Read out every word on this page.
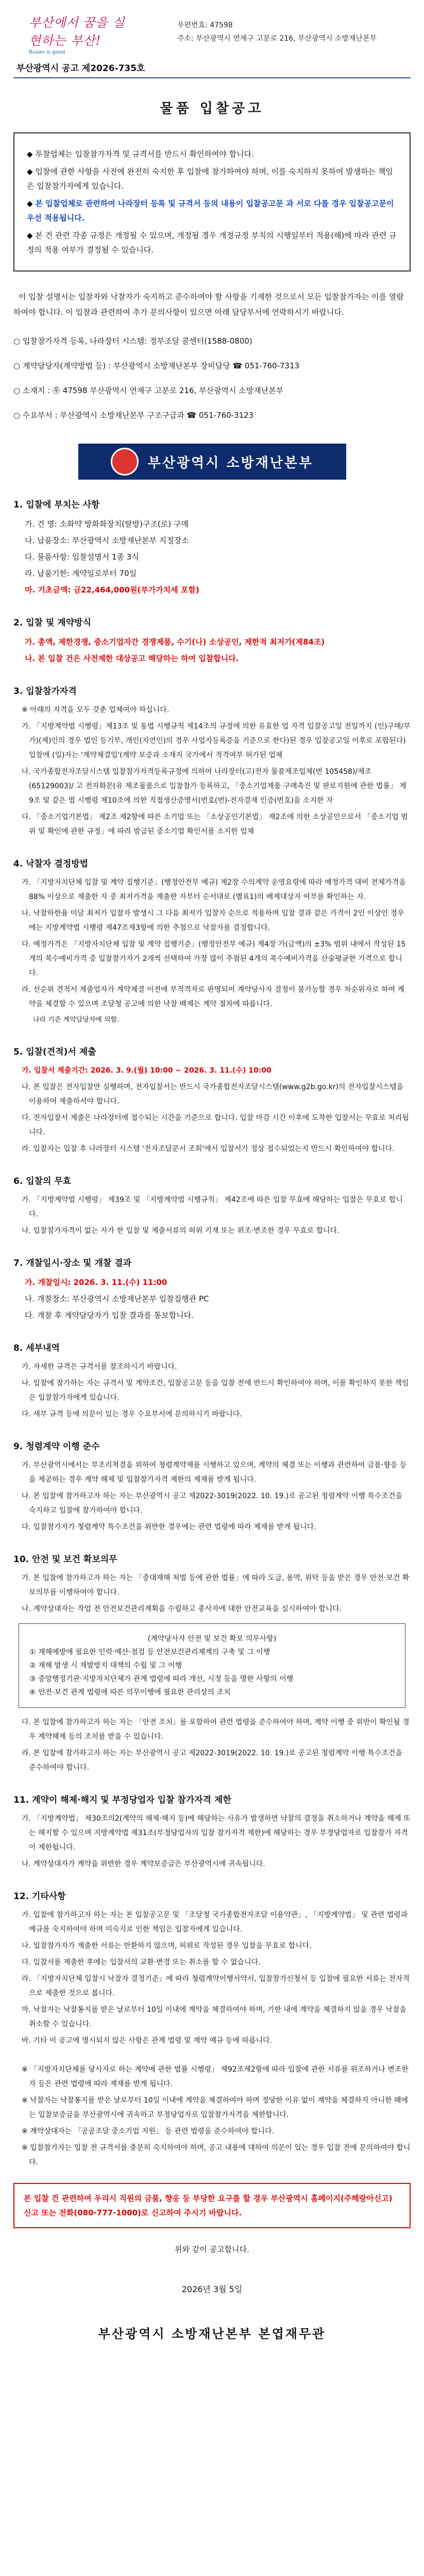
부산에서 꿈을 실현하는 부산!
Busan is good
우편번호: 47598
주소: 부산광역시 연제구 고분로 216, 부산광역시 소방재난본부
부산광역시 공고 제2026-735호
물품 입찰공고
◆ 투찰업체는 입찰참가자격 및 규격서를 반드시 확인하여야 합니다.
◆ 입찰에 관한 사항을 사전에 완전히 숙지한 후 입찰에 참가하여야 하며, 이를 숙지하지 못하여 발생하는 책임은 입찰참가자에게 있습니다.
◆ 본 입찰업체로 관련하여 나라장터 등록 및 규격서 등의 내용이 입찰공고문 과 서로 다를 경우 입찰공고문이 우선 적용됩니다.
◆ 본 건 관련 각종 규정은 개정될 수 있으며, 개정될 경우 개정규정 부칙의 시행일부터 적용(해)에 따라 관련 규정의 적용 여부가 결정될 수 있습니다.
이 입찰 설명서는 입찰자와 낙찰자가 숙지하고 준수하여야 할 사항을 기재한 것으로서 모든 입찰참가자는 이를 열람하여야 합니다. 이 입찰과 관련하여 추가 문의사항이 있으면 아래 담당부서에 연락하시기 바랍니다.
○ 입찰참가자격 등록, 나라장터 시스템: 정부조달 콜센터(1588-0800)
○ 계약담당자(계약방법 등) : 부산광역시 소방재난본부 장비담당 ☎ 051-760-7313
○ 소재지 : ㉾ 47598 부산광역시 연제구 고분로 216, 부산광역시 소방재난본부
○ 수요부서 : 부산광역시 소방재난본부 구조구급과 ☎ 051-760-3123
부산광역시 소방재난본부
1. 입찰에 부치는 사항
가. 건 명: 소화약 방화화장치(탈방)구조(로) 구매
나. 납품장소: 부산광역시 소방재난본부 지정장소
다. 물품사항: 입찰설명서 1종 3식
라. 납품기한: 계약일로부터 70일
마. 기초금액: 금22,464,000원(부가가치세 포함)
2. 입찰 및 계약방식
가. 총액, 제한경쟁, 중소기업자간 경쟁제품, 수기(나) 소상공인, 제한적 최저가(제84조)
나. 본 입찰 건은 사전제한 대상공고 해당하는 하여 입찰합니다.
3. 입찰참가자격
※ 아래의 자격을 모두 갖춘 업체여야 하십니다.
가. 「지방계약법 시행령」제13조 및 동법 시행규칙 제14조의 규정에 의한 유효한 업 자격 입찰공고일 전일까지 (인)구매/부가)(제)인의 경우 법인 등기부, 개인(자연인)의 경우 사업자등록증을 기준으로 한다)된 경우 입찰공고일 이후로 포함된다) 입찰에 (일)자는 '계약체결일'(계약 보증과 소재지 국가에서 적격여부 허가된 업체
나. 국가종합전자조달시스템 입찰참가자격등록규정에 의하여 나라장터(고)전자 물품제조업체(번 105458)/제조(65129003)/ 고 전자화문(유 제조물품으로 입찰참가 등록하고, 「중소기업제품 구매촉진 및 판로지원에 관한 법률」 제9조 및 같은 법 시행령 제10조에 의한 직접생산증명서(번호(번)-전자결재 인증(번호)을 소지한 자
다. 「중소기업기본법」 제2조 제2항에 따른 소기업 또는 「소상공인기본법」 제2조에 의한 소상공인으로서 「중소기업 범위 및 확인에 관한 규정」에 따라 발급된 중소기업 확인서를 소지한 업체
4. 낙찰자 결정방법
가. 「지방자치단체 입찰 및 계약 집행기준」(행정안전부 예규) 제2장 수의계약 운영요령에 따라 예정가격 대비 전체가격을 88% 이상으로 제출한 자 중 최저가격을 제출한 자부터 순서대로 (별표1)의 배제대상자 여부를 확인하는 자.
나. 낙찰하한율 미달 최저가 입찰자 발생시 그 다음 최저가 입찰자 순으로 적용하며 입찰 결과 같은 가격이 2인 이상인 경우에는 지방계약법 시행령 제47조제3항에 의한 추첨으로 낙찰자를 결정합니다.
다. 예정가격은 「지방자치단체 입찰 및 계약 집행기준」(행정안전부 예규) 제4장 가(금액)의 ±3% 범위 내에서 작성된 15개의 복수예비가격 중 입찰참가자가 2개씩 선택하여 가장 많이 추첨된 4개의 복수예비가격을 산술평균한 가격으로 합니다.
라. 선순위 견적서 제출업자가 계약체결 이전에 부적격자로 판명되어 계약당사자 결정이 불가능할 경우 차순위자로 하여 계약을 체결할 수 있으며 조달청 공고에 의한 낙찰 배제는 계약 절차에 따릅니다.
나라 기준 계약담당자에 의함.
5. 입찰(견적)서 제출
가. 입찰서 제출기간: 2026. 3. 9.(월) 10:00 ~ 2026. 3. 11.(수) 10:00
나. 본 입찰은 전자입찰만 실행하며, 전자입찰서는 반드시 국가종합전자조달시스템(www.g2b.go.kr)의 전자입찰시스템을 이용하여 제출하셔야 합니다.
다. 전자입찰서 제출은 나라장터에 접수되는 시간을 기준으로 합니다. 입찰 마감 시간 이후에 도착한 입찰서는 무효로 처리됩니다.
라. 입찰자는 입찰 후 나라장터 시스템 '전자조달문서 조회'에서 입찰서가 정상 접수되었는지 반드시 확인하여야 합니다.
6. 입찰의 무효
가. 「지방계약법 시행령」 제39조 및 「지방계약법 시행규칙」 제42조에 따른 입찰 무효에 해당하는 입찰은 무효로 합니다.
나. 입찰참가자격이 없는 자가 한 입찰 및 제출서류의 허위 기재 또는 위조·변조한 경우 무효로 합니다.
7. 개찰일시·장소 및 개찰 결과
가. 개찰일시: 2026. 3. 11.(수) 11:00
나. 개찰장소: 부산광역시 소방재난본부 입찰집행관 PC
다. 개찰 후 계약담당자가 입찰 결과를 통보합니다.
8. 세부내역
가. 자세한 규격은 규격서를 참조하시기 바랍니다.
나. 입찰에 참가하는 자는 규격서 및 계약조건, 입찰공고문 등을 입찰 전에 반드시 확인하여야 하며, 이를 확인하지 못한 책임은 입찰참가자에게 있습니다.
다. 세부 규격 등에 의문이 있는 경우 수요부서에 문의하시기 바랍니다.
9. 청렴계약 이행 준수
가. 부산광역시에서는 부조리척결을 위하여 청렴계약제를 시행하고 있으며, 계약의 체결 또는 이행과 관련하여 금품·향응 등을 제공하는 경우 계약 해제 및 입찰참가자격 제한의 제재를 받게 됩니다.
나. 본 입찰에 참가하고자 하는 자는 부산광역시 공고 제2022-3019(2022. 10. 19.)로 공고된 청렴계약 이행 특수조건을 숙지하고 입찰에 참가하여야 합니다.
다. 입찰참가자가 청렴계약 특수조건을 위반한 경우에는 관련 법령에 따라 제재를 받게 됩니다.
10. 안전 및 보건 확보의무
가. 본 입찰에 참가하고자 하는 자는 「중대재해 처벌 등에 관한 법률」에 따라 도급, 용역, 위탁 등을 받은 경우 안전·보건 확보의무를 이행하여야 합니다.
나. 계약상대자는 작업 전 안전보건관리계획을 수립하고 종사자에 대한 안전교육을 실시하여야 합니다.
(계약당사자 안전 및 보건 확보 의무사항)
① 재해예방에 필요한 인력·예산·점검 등 안전보건관리체계의 구축 및 그 이행
② 재해 발생 시 재발방지 대책의 수립 및 그 이행
③ 중앙행정기관·지방자치단체가 관계 법령에 따라 개선, 시정 등을 명한 사항의 이행
④ 안전·보건 관계 법령에 따른 의무이행에 필요한 관리상의 조치
다. 본 입찰에 참가하고자 하는 자는 「안전 조치」를 포함하여 관련 법령을 준수하여야 하며, 계약 이행 중 위반이 확인될 경우 계약해제 등의 조치를 받을 수 있습니다.
라. 본 입찰에 참가하고자 하는 자는 부산광역시 공고 제2022-3019(2022. 10. 19.)로 공고된 청렴계약 이행 특수조건을 준수하여야 합니다.
11. 계약이 해제·해지 및 부정당업자 입찰 참가자격 제한
가. 「지방계약법」 제30조의2(계약의 해제·해지 등)에 해당하는 사유가 발생하면 낙찰의 결정을 취소하거나 계약을 해제 또는 해지할 수 있으며 지방계약법 제31조(부정당업자의 입찰 참가자격 제한)에 해당하는 경우 부정당업자로 입찰참가 자격이 제한됩니다.
나. 계약상대자가 계약을 위반한 경우 계약보증금은 부산광역시에 귀속됩니다.
12. 기타사항
가. 입찰에 참가하고자 하는 자는 본 입찰공고문 및 「조달청 국가종합전자조달 이용약관」, 「지방계약법」 및 관련 법령과 예규를 숙지하여야 하며 미숙지로 인한 책임은 입찰자에게 있습니다.
나. 입찰참가자가 제출한 서류는 반환하지 않으며, 허위로 작성된 경우 입찰을 무효로 합니다.
다. 입찰서를 제출한 후에는 입찰서의 교환·변경 또는 취소를 할 수 없습니다.
라. 「지방자치단체 입찰시 낙찰자 결정기준」에 따라 청렴계약이행서약서, 입찰참가신청서 등 입찰에 필요한 서류는 전자적으로 제출한 것으로 봅니다.
마. 낙찰자는 낙찰통지를 받은 날로부터 10일 이내에 계약을 체결하여야 하며, 기한 내에 계약을 체결하지 않을 경우 낙찰을 취소할 수 있습니다.
바. 기타 이 공고에 명시되지 않은 사항은 관계 법령 및 계약 예규 등에 따릅니다.
※ 「지방자치단체를 당사자로 하는 계약에 관한 법률 시행령」 제92조제2항에 따라 입찰에 관한 서류를 위조하거나 변조한 자 등은 관련 법령에 따라 제재를 받게 됩니다.
※ 낙찰자는 낙찰통지를 받은 날로부터 10일 이내에 계약을 체결하여야 하며 정당한 이유 없이 계약을 체결하지 아니한 때에는 입찰보증금을 부산광역시에 귀속하고 부정당업자로 입찰참가자격을 제한합니다.
※ 계약상대자는 「공공조달 중소기업 지원」 등 관련 법령을 준수하여야 합니다.
※ 입찰참가자는 입찰 전 규격서를 충분히 숙지하여야 하며, 공고 내용에 대하여 의문이 있는 경우 입찰 전에 문의하여야 합니다.
본 입찰 건 관련하여 우리시 직원의 금품, 향응 등 부당한 요구를 할 경우 부산광역시 홈페이지(주해랑아신고) 신고 또는 전화(080-777-1000)로 신고하여 주시기 바랍니다.
위와 같이 공고합니다.
2026년 3월 5일
부산광역시 소방재난본부 본엽재무관
